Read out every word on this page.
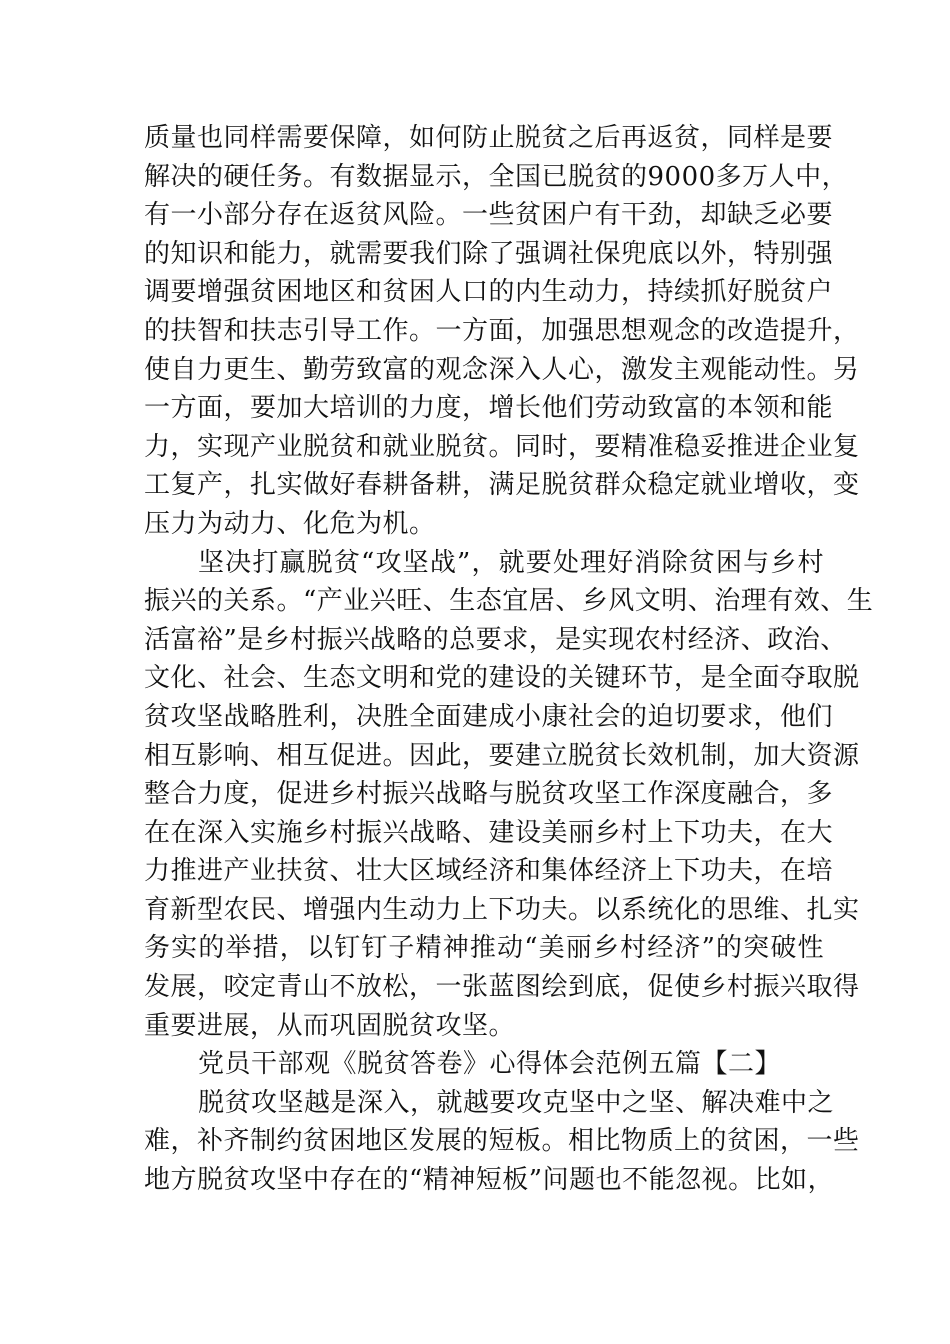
质量也同样需要保障，如何防止脱贫之后再返贫，同样是要
解决的硬任务。有数据显示，全国已脱贫的9000多万人中，
有一小部分存在返贫风险。一些贫困户有干劲，却缺乏必要
的知识和能力，就需要我们除了强调社保兜底以外，特别强
调要增强贫困地区和贫困人口的内生动力，持续抓好脱贫户
的扶智和扶志引导工作。一方面，加强思想观念的改造提升，
使自力更生、勤劳致富的观念深入人心，激发主观能动性。另
一方面，要加大培训的力度，增长他们劳动致富的本领和能
力，实现产业脱贫和就业脱贫。同时，要精准稳妥推进企业复
工复产，扎实做好春耕备耕，满足脱贫群众稳定就业增收，变
压力为动力、化危为机。
坚决打赢脱贫“攻坚战”，就要处理好消除贫困与乡村
振兴的关系。“产业兴旺、生态宜居、乡风文明、治理有效、生
活富裕”是乡村振兴战略的总要求，是实现农村经济、政治、
文化、社会、生态文明和党的建设的关键环节，是全面夺取脱
贫攻坚战略胜利，决胜全面建成小康社会的迫切要求，他们
相互影响、相互促进。因此，要建立脱贫长效机制，加大资源
整合力度，促进乡村振兴战略与脱贫攻坚工作深度融合，多
在在深入实施乡村振兴战略、建设美丽乡村上下功夫，在大
力推进产业扶贫、壮大区域经济和集体经济上下功夫，在培
育新型农民、增强内生动力上下功夫。以系统化的思维、扎实
务实的举措，以钉钉子精神推动“美丽乡村经济”的突破性
发展，咬定青山不放松，一张蓝图绘到底，促使乡村振兴取得
重要进展，从而巩固脱贫攻坚。
党员干部观《脱贫答卷》心得体会范例五篇【二】
脱贫攻坚越是深入，就越要攻克坚中之坚、解决难中之
难，补齐制约贫困地区发展的短板。相比物质上的贫困，一些
地方脱贫攻坚中存在的“精神短板”问题也不能忽视。比如，
